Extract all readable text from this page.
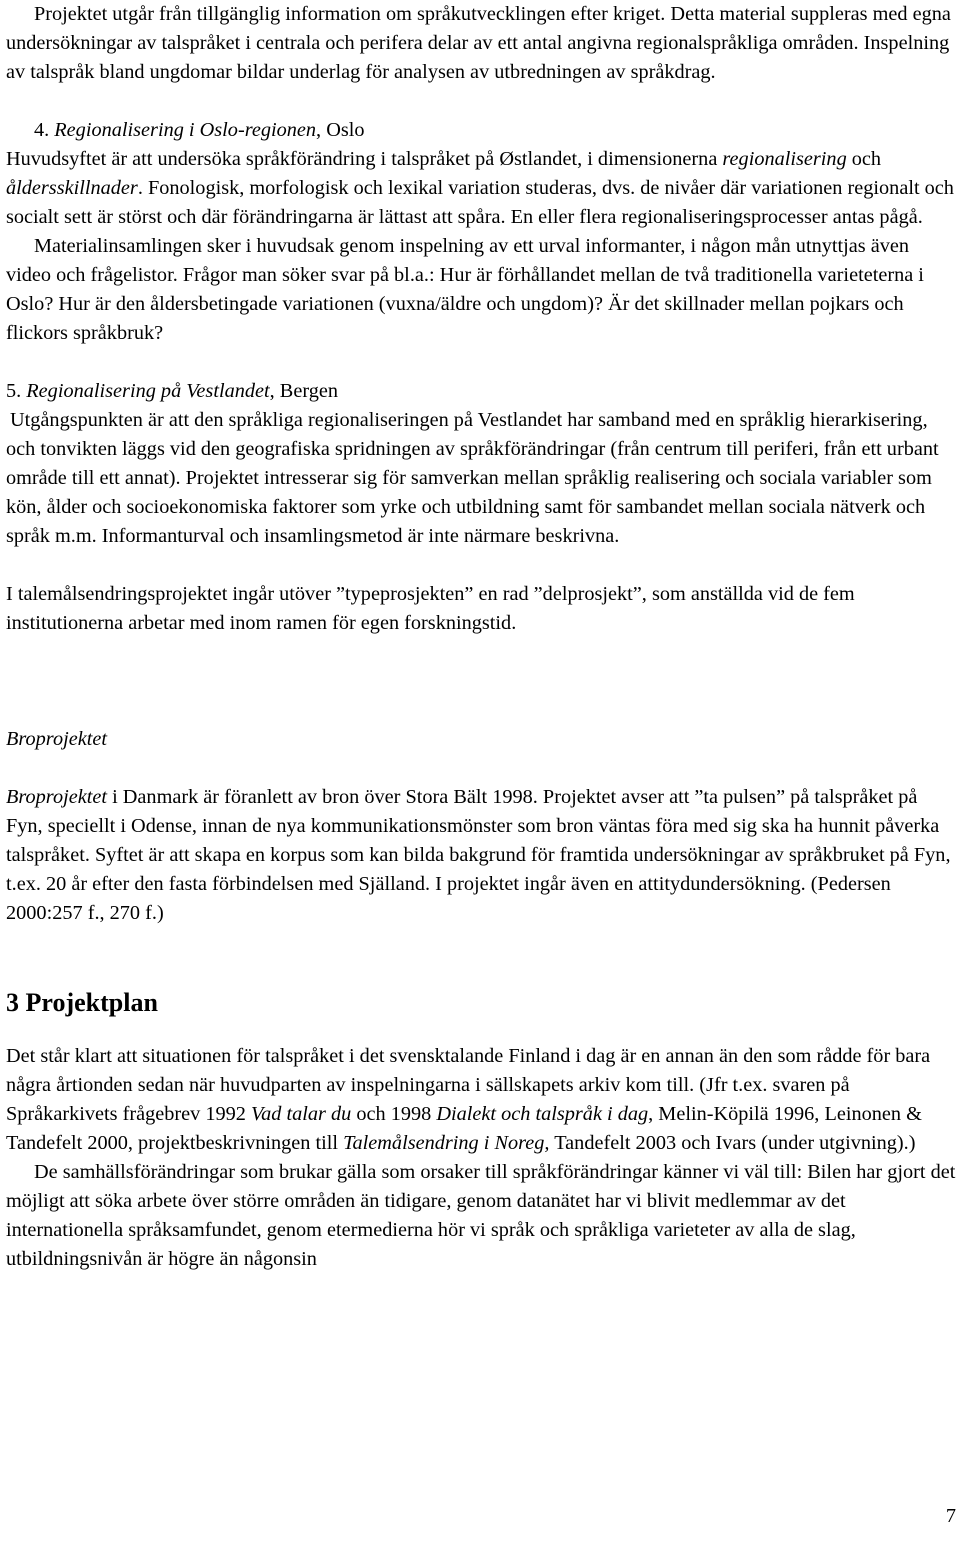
Projektet utgår från tillgänglig information om språkutvecklingen efter kriget. Detta material suppleras med egna undersökningar av talspråket i centrala och perifera delar av ett antal angivna regionalspråkliga områden. Inspelning av talspråk bland ungdomar bildar underlag för analysen av utbredningen av språkdrag.

4. Regionalisering i Oslo-regionen, Oslo

Huvudsyftet är att undersöka språkförändring i talspråket på Østlandet, i dimensionerna regionalisering och åldersskillnader. Fonologisk, morfologisk och lexikal variation studeras, dvs. de nivåer där variationen regionalt och socialt sett är störst och där förändringarna är lättast att spåra. En eller flera regionaliseringsprocesser antas pågå.

Materialinsamlingen sker i huvudsak genom inspelning av ett urval informanter, i någon mån utnyttjas även video och frågelistor. Frågor man söker svar på bl.a.: Hur är förhållandet mellan de två traditionella varieteterna i Oslo? Hur är den åldersbetingade variationen (vuxna/äldre och ungdom)? Är det skillnader mellan pojkars och flickors språkbruk?

5. Regionalisering på Vestlandet, Bergen

Utgångspunkten är att den språkliga regionaliseringen på Vestlandet har samband med en språklig hierarkisering, och tonvikten läggs vid den geografiska spridningen av språkförändringar (från centrum till periferi, från ett urbant område till ett annat). Projektet intresserar sig för samverkan mellan språklig realisering och sociala variabler som kön, ålder och socioekonomiska faktorer som yrke och utbildning samt för sambandet mellan sociala nätverk och språk m.m. Informanturval och insamlingsmetod är inte närmare beskrivna.

I talemålsendringsprojektet ingår utöver ”typeprosjekten” en rad ”delprosjekt”, som anställda vid de fem institutionerna arbetar med inom ramen för egen forskningstid.

Broprojektet

Broprojektet i Danmark är föranlett av bron över Stora Bält 1998. Projektet avser att ”ta pulsen” på talspråket på Fyn, speciellt i Odense, innan de nya kommunikationsmönster som bron väntas föra med sig ska ha hunnit påverka talspråket. Syftet är att skapa en korpus som kan bilda bakgrund för framtida undersökningar av språkbruket på Fyn, t.ex. 20 år efter den fasta förbindelsen med Själland. I projektet ingår även en attitydundersökning. (Pedersen 2000:257 f., 270 f.)

3 Projektplan

Det står klart att situationen för talspråket i det svensktalande Finland i dag är en annan än den som rådde för bara några årtionden sedan när huvudparten av inspelningarna i sällskapets arkiv kom till. (Jfr t.ex. svaren på Språkarkivets frågebrev 1992 Vad talar du och 1998 Dialekt och talspråk i dag, Melin-Köpilä 1996, Leinonen & Tandefelt 2000, projektbeskrivningen till Talemålsendring i Noreg, Tandefelt 2003 och Ivars (under utgivning).)

De samhällsförändringar som brukar gälla som orsaker till språkförändringar känner vi väl till: Bilen har gjort det möjligt att söka arbete över större områden än tidigare, genom datanätet har vi blivit medlemmar av det internationella språksamfundet, genom etermedierna hör vi språk och språkliga varieteter av alla de slag, utbildningsnivån är högre än någonsin

7
